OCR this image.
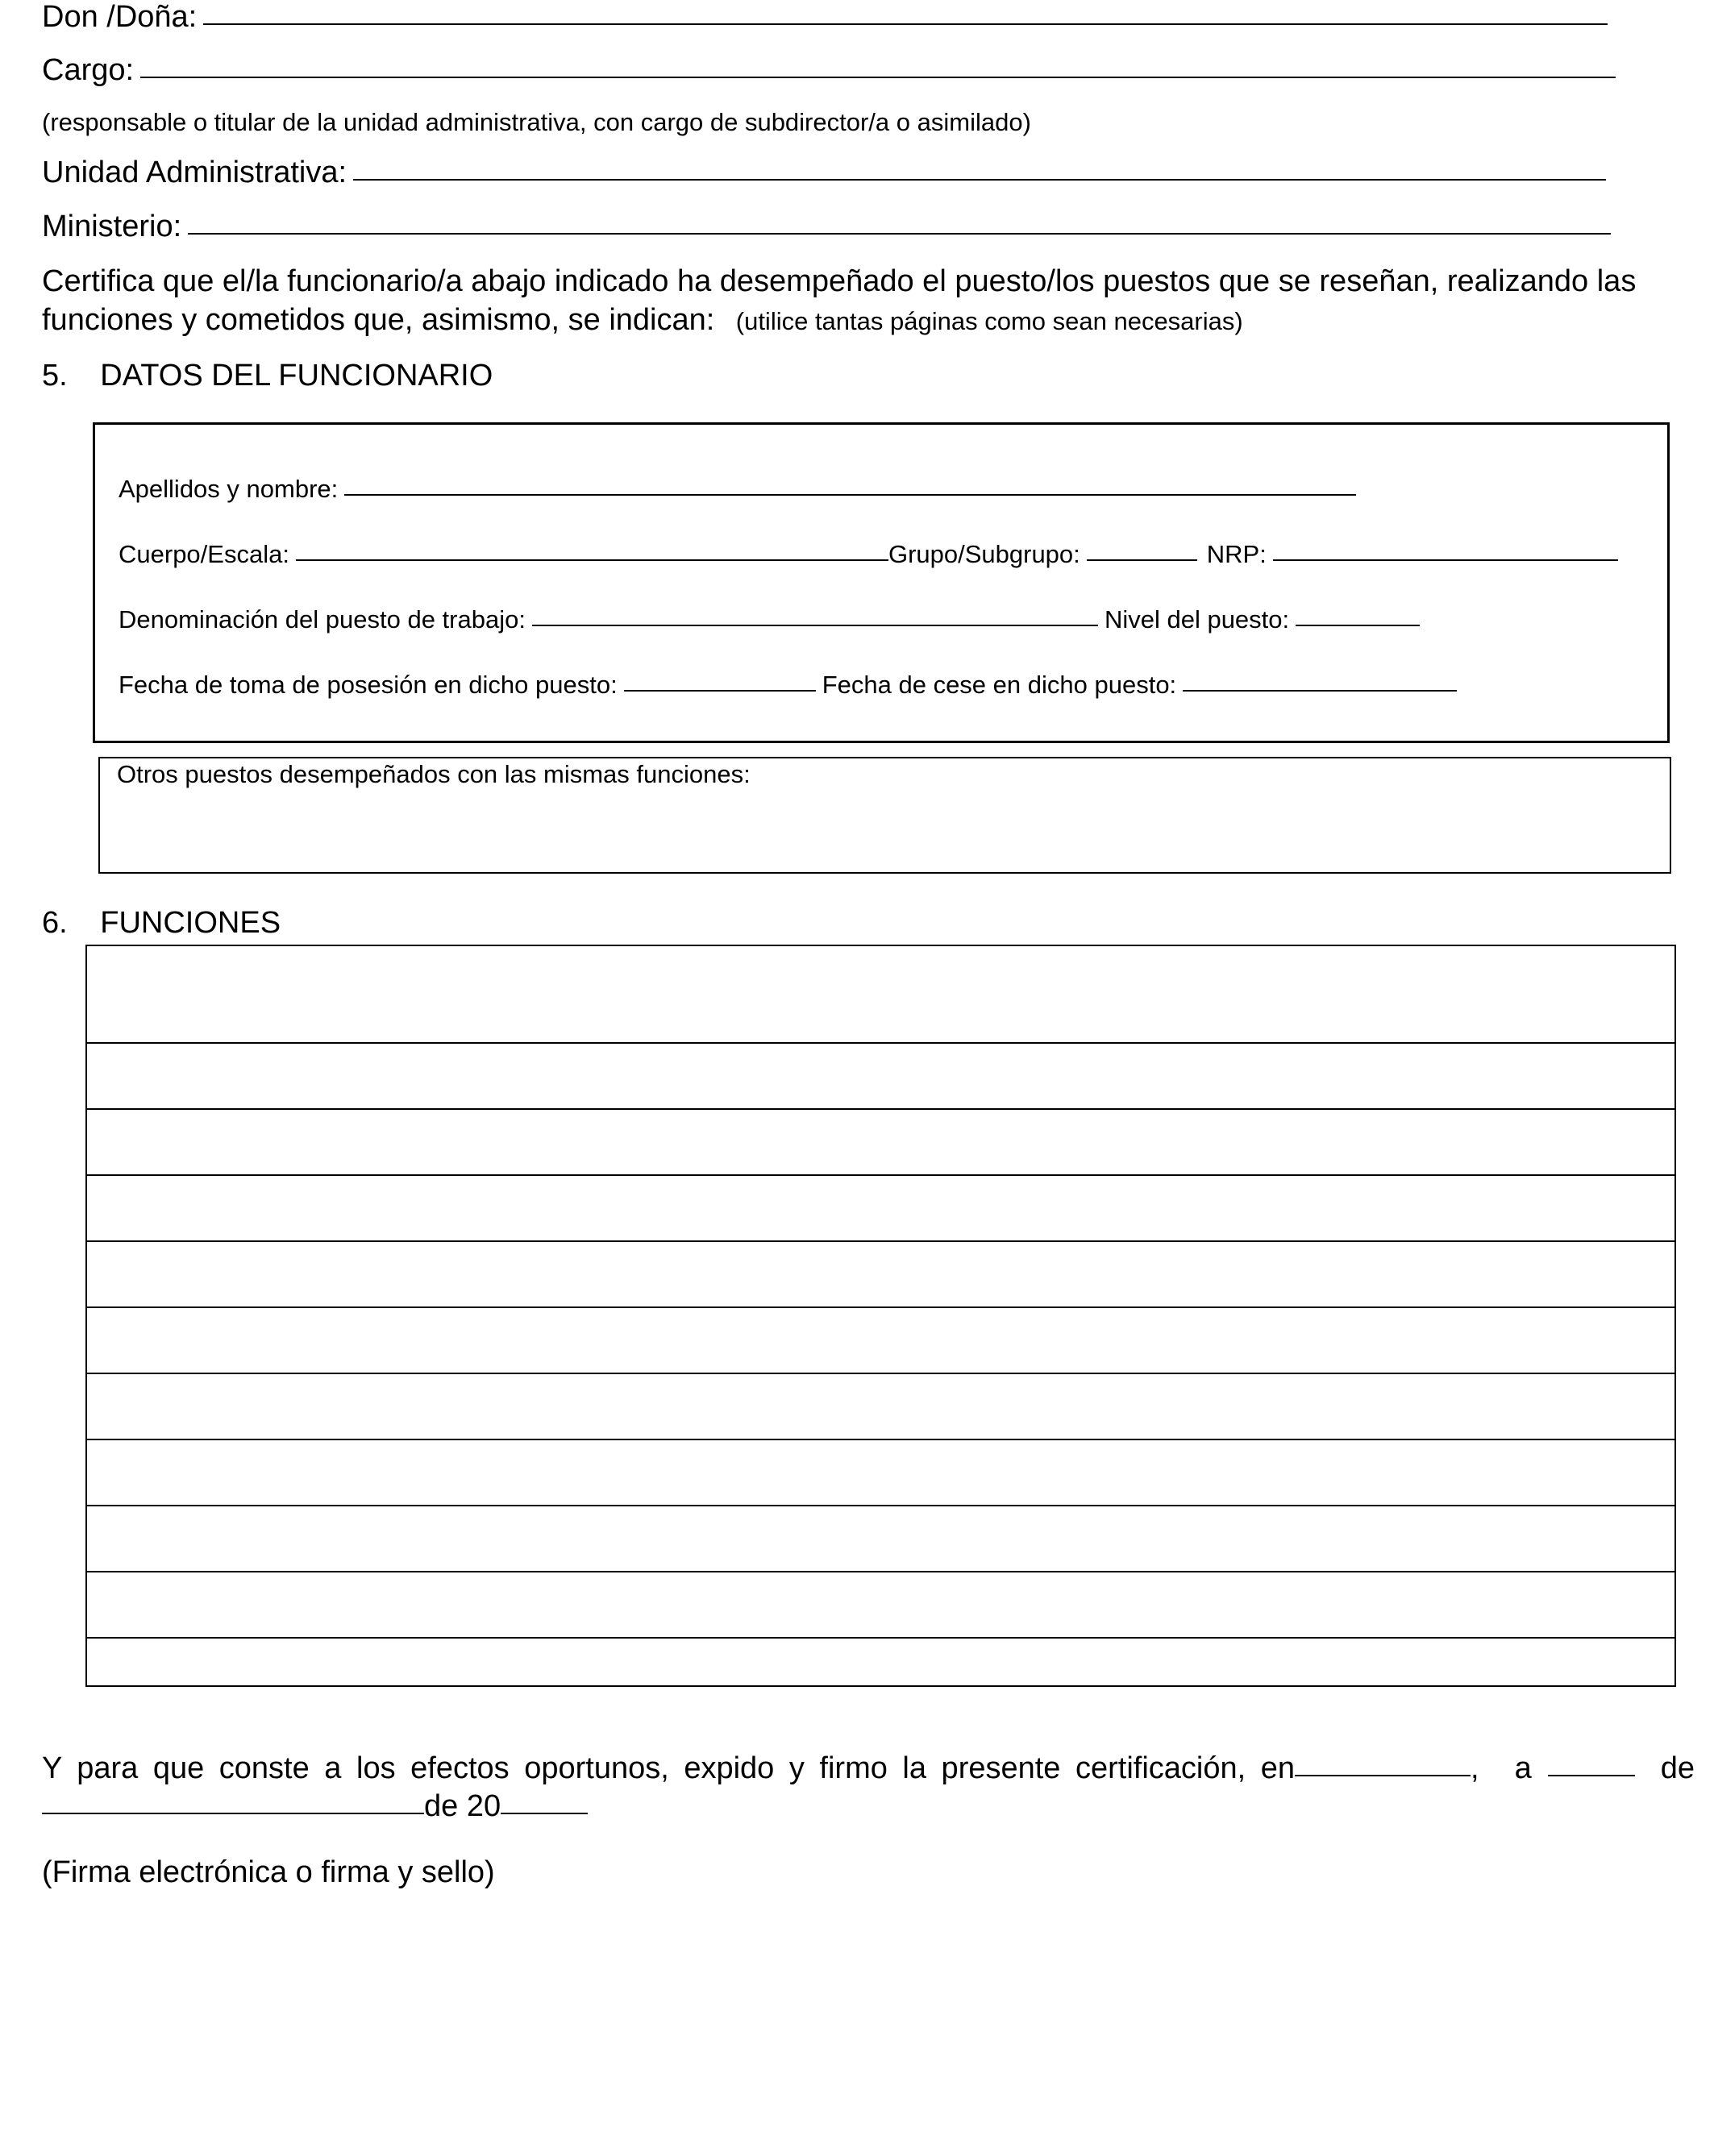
Don /Doña:
Cargo:
(responsable o titular de la unidad administrativa, con cargo de subdirector/a o asimilado)
Unidad Administrativa:
Ministerio:
Certifica que el/la funcionario/a abajo indicado ha desempeñado el puesto/los puestos que se reseñan, realizando las
funciones y cometidos que, asimismo, se indican: (utilice tantas páginas como sean necesarias)
5. DATOS DEL FUNCIONARIO
Apellidos y nombre:
Cuerpo/Escala:	Grupo/Subgrupo:	NRP:
Denominación del puesto de trabajo:	Nivel del puesto:
Fecha de toma de posesión en dicho puesto:	Fecha de cese en dicho puesto:
Otros puestos desempeñados con las mismas funciones:
6. FUNCIONES
Y para que conste a los efectos oportunos, expido y firmo la presente certificación, en	, a	de
de 20
(Firma electrónica o firma y sello)
